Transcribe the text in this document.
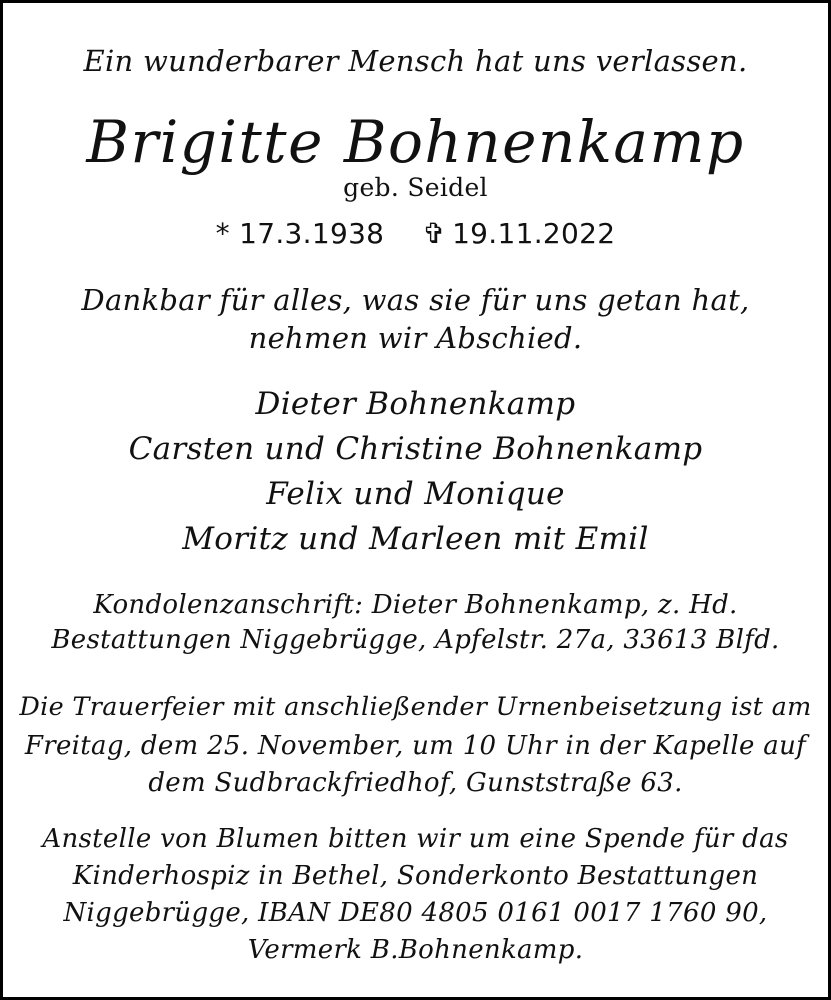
Ein wunderbarer Mensch hat uns verlassen.
Brigitte Bohnenkamp
geb. Seidel
* 17.3.1938 ✞ 19.11.2022
Dankbar für alles, was sie für uns getan hat,
nehmen wir Abschied.
Dieter Bohnenkamp
Carsten und Christine Bohnenkamp
Felix und Monique
Moritz und Marleen mit Emil
Kondolenzanschrift: Dieter Bohnenkamp, z. Hd.
Bestattungen Niggebrügge, Apfelstr. 27a, 33613 Blfd.
Die Trauerfeier mit anschließender Urnenbeisetzung ist am
Freitag, dem 25. November, um 10 Uhr in der Kapelle auf
dem Sudbrackfriedhof, Gunststraße 63.
Anstelle von Blumen bitten wir um eine Spende für das
Kinderhospiz in Bethel, Sonderkonto Bestattungen
Niggebrügge, IBAN DE80 4805 0161 0017 1760 90,
Vermerk B.Bohnenkamp.
